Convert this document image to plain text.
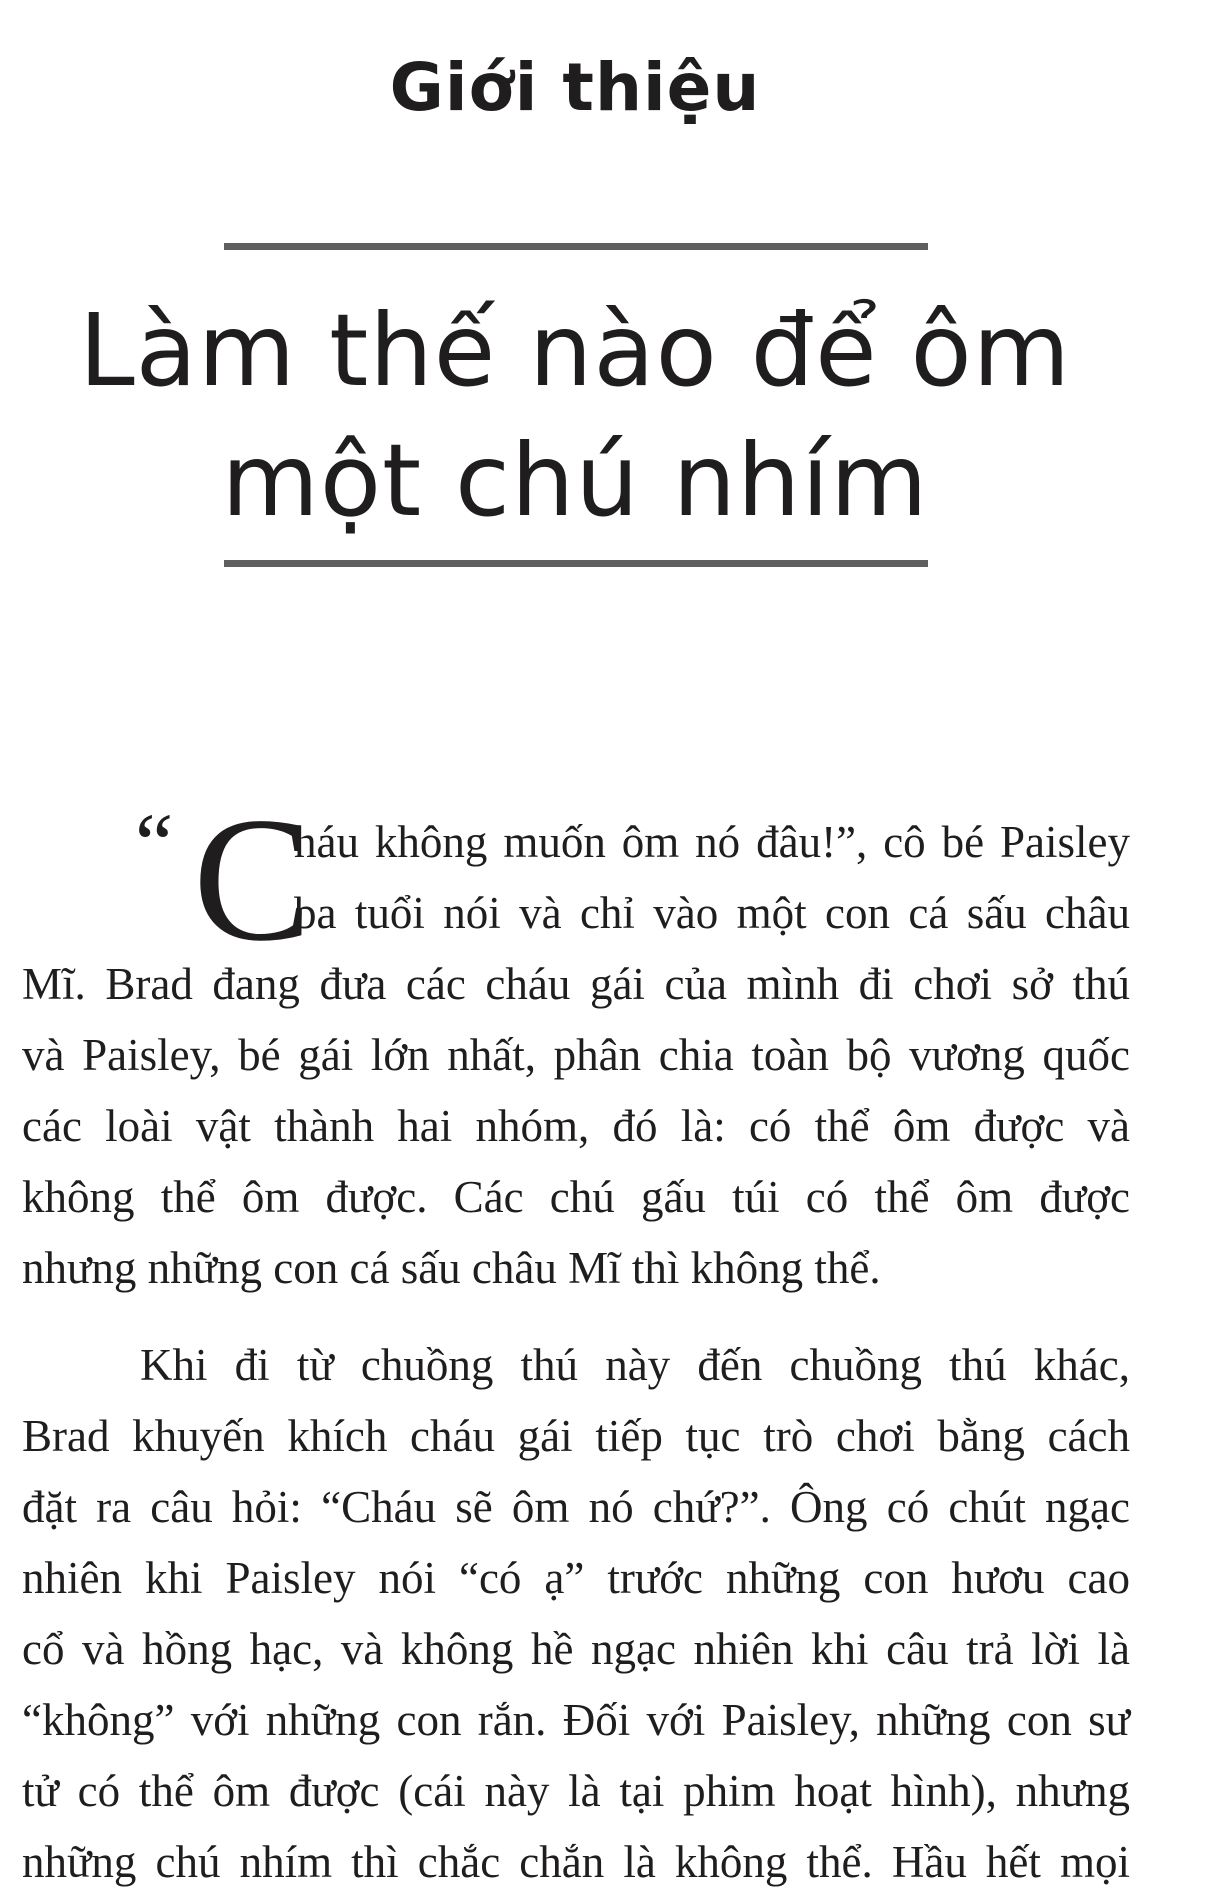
Giới thiệu
Làm thế nào để ôm
một chú nhím
“ C
háu không muốn ôm nó đâu!”, cô bé Paisley
ba tuổi nói và chỉ vào một con cá sấu châu
Mĩ. Brad đang đưa các cháu gái của mình đi chơi sở thú
và Paisley, bé gái lớn nhất, phân chia toàn bộ vương quốc
các loài vật thành hai nhóm, đó là: có thể ôm được và
không thể ôm được. Các chú gấu túi có thể ôm được
nhưng những con cá sấu châu Mĩ thì không thể.
Khi đi từ chuồng thú này đến chuồng thú khác,
Brad khuyến khích cháu gái tiếp tục trò chơi bằng cách
đặt ra câu hỏi: “Cháu sẽ ôm nó chứ?”. Ông có chút ngạc
nhiên khi Paisley nói “có ạ” trước những con hươu cao
cổ và hồng hạc, và không hề ngạc nhiên khi câu trả lời là
“không” với những con rắn. Đối với Paisley, những con sư
tử có thể ôm được (cái này là tại phim hoạt hình), nhưng
những chú nhím thì chắc chắn là không thể. Hầu hết mọi
